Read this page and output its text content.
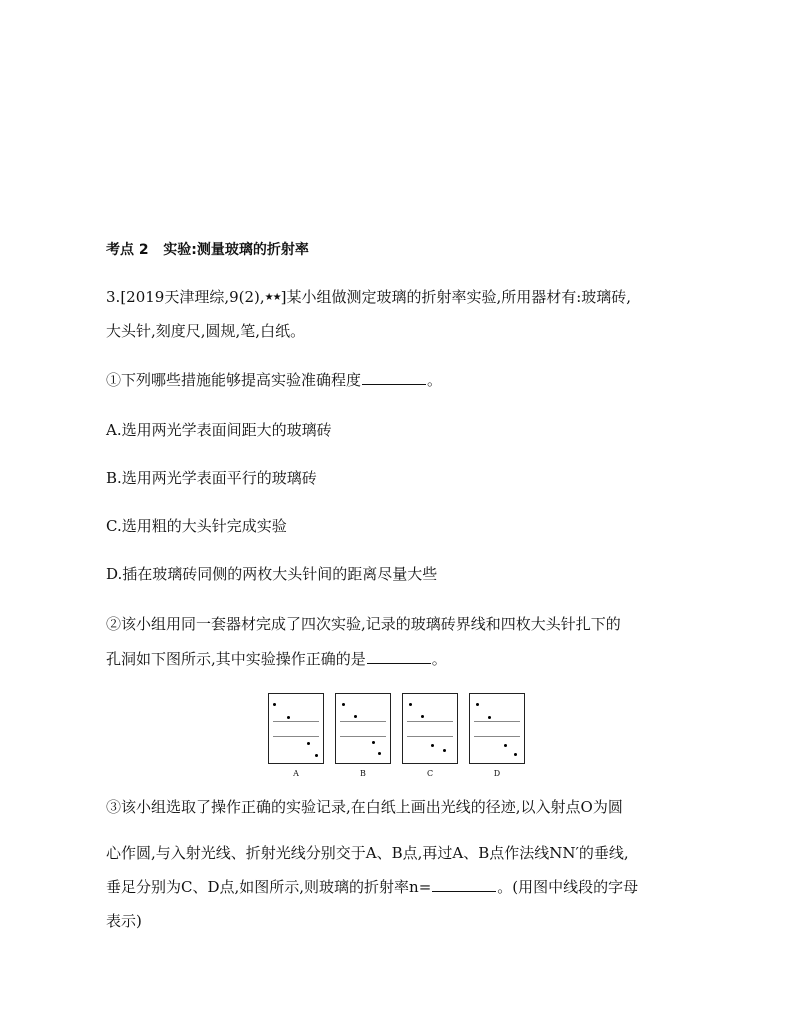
考点 2 实验:测量玻璃的折射率
3.[2019天津理综,9(2),★★]某小组做测定玻璃的折射率实验,所用器材有:玻璃砖,
大头针,刻度尺,圆规,笔,白纸。
①下列哪些措施能够提高实验准确程度	。
A.选用两光学表面间距大的玻璃砖
B.选用两光学表面平行的玻璃砖
C.选用粗的大头针完成实验
D.插在玻璃砖同侧的两枚大头针间的距离尽量大些
②该小组用同一套器材完成了四次实验,记录的玻璃砖界线和四枚大头针扎下的
孔洞如下图所示,其中实验操作正确的是	。
A	B	C	D
③该小组选取了操作正确的实验记录,在白纸上画出光线的径迹,以入射点O为圆
心作圆,与入射光线、折射光线分别交于A、B点,再过A、B点作法线NN′的垂线,
垂足分别为C、D点,如图所示,则玻璃的折射率n=	。(用图中线段的字母
表示)
